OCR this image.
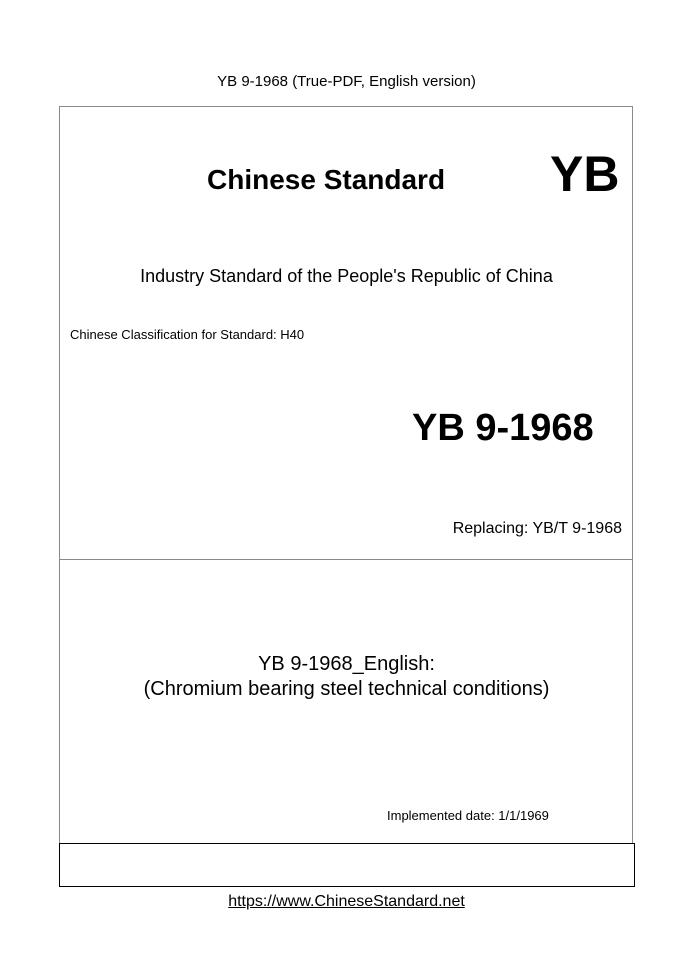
YB 9-1968 (True-PDF, English version)
Chinese Standard YB
Industry Standard of the People's Republic of China
Chinese Classification for Standard: H40
YB 9-1968
Replacing: YB/T 9-1968
YB 9-1968_English:
(Chromium bearing steel technical conditions)
Implemented date: 1/1/1969
https://www.ChineseStandard.net
